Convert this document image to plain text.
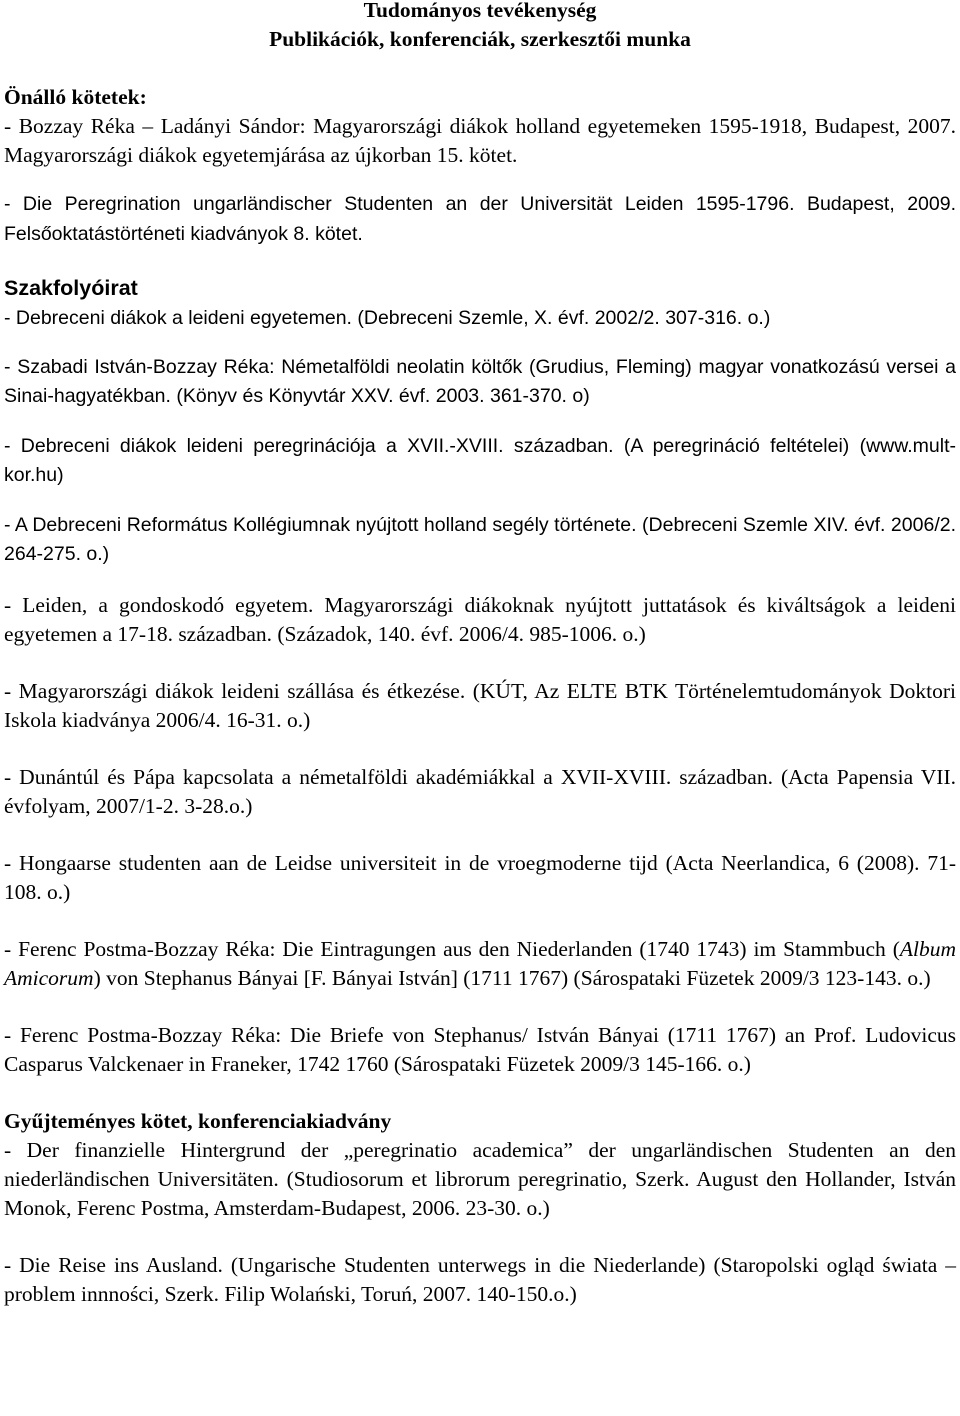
Tudományos tevékenység
Publikációk, konferenciák, szerkesztői munka
Önálló kötetek:

- Bozzay Réka – Ladányi Sándor: Magyarországi diákok holland egyetemeken 1595-1918, Budapest, 2007. Magyarországi diákok egyetemjárása az újkorban 15. kötet.

- Die Peregrination ungarländischer Studenten an der Universität Leiden 1595-1796. Budapest, 2009. Felsőoktatástörténeti kiadványok 8. kötet.

Szakfolyóirat

- Debreceni diákok a leideni egyetemen. (Debreceni Szemle, X. évf. 2002/2. 307-316. o.)

- Szabadi István-Bozzay Réka: Németalföldi neolatin költők (Grudius, Fleming) magyar vonatkozású versei a Sinai-hagyatékban. (Könyv és Könyvtár XXV. évf. 2003. 361-370. o)

- Debreceni diákok leideni peregrinációja a XVII.-XVIII. században. (A peregrináció feltételei) (www.mult-kor.hu)

- A Debreceni Református Kollégiumnak nyújtott holland segély története. (Debreceni Szemle XIV. évf. 2006/2. 264-275. o.)

- Leiden, a gondoskodó egyetem. Magyarországi diákoknak nyújtott juttatások és kiváltságok a leideni egyetemen a 17-18. században. (Századok, 140. évf. 2006/4. 985-1006. o.)

- Magyarországi diákok leideni szállása és étkezése. (KÚT, Az ELTE BTK Történelemtudományok Doktori Iskola kiadványa 2006/4. 16-31. o.)

- Dunántúl és Pápa kapcsolata a németalföldi akadémiákkal a XVII-XVIII. században. (Acta Papensia VII. évfolyam, 2007/1-2. 3-28.o.)

- Hongaarse studenten aan de Leidse universiteit in de vroegmoderne tijd (Acta Neerlandica, 6 (2008). 71- 108. o.)

- Ferenc Postma-Bozzay Réka: Die Eintragungen aus den Niederlanden (1740 1743) im Stammbuch (Album Amicorum) von Stephanus Bányai [F. Bányai István] (1711 1767) (Sárospataki Füzetek 2009/3 123-143. o.)

- Ferenc Postma-Bozzay Réka: Die Briefe von Stephanus/ István Bányai (1711 1767) an Prof. Ludovicus Casparus Valckenaer in Franeker, 1742 1760 (Sárospataki Füzetek 2009/3 145-166. o.)

Gyűjteményes kötet, konferenciakiadvány

- Der finanzielle Hintergrund der „peregrinatio academica” der ungarländischen Studenten an den niederländischen Universitäten. (Studiosorum et librorum peregrinatio, Szerk. August den Hollander, István Monok, Ferenc Postma, Amsterdam-Budapest, 2006. 23-30. o.)

- Die Reise ins Ausland. (Ungarische Studenten unterwegs in die Niederlande) (Staropolski ogląd świata – problem innności, Szerk. Filip Wolański, Toruń, 2007. 140-150.o.)
